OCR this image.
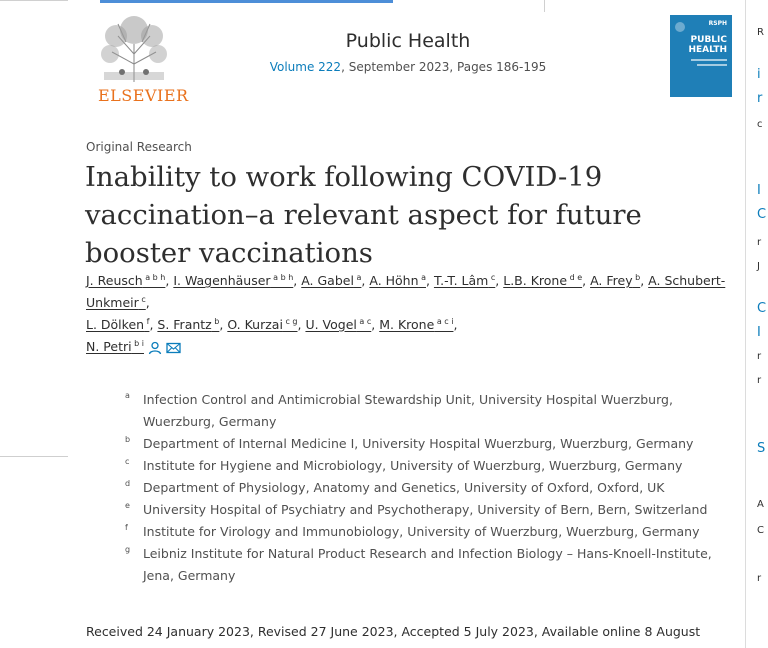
ELSEVIER
Public Health
Volume 222, September 2023, Pages 186-195
RSPH
PUBLIC
HEALTH
Original Research
Inability to work following COVID-19 vaccination–a relevant aspect for future booster vaccinations
J. Reusch $^{a b h}$, I. Wagenhäuser $^{a b h}$, A. Gabel $^a$, A. Höhn $^a$, T.-T. Lâm $^c$, L.B. Krone $^{d e}$, A. Frey $^b$, A. Schubert-Unkmeir $^c$,
L. Dölken $^f$, S. Frantz $^b$, O. Kurzai $^{c g}$, U. Vogel $^{a c}$, M. Krone $^{a c i}$,
N. Petri $^{b i}$
a Infection Control and Antimicrobial Stewardship Unit, University Hospital Wuerzburg, Wuerzburg, Germany
b Department of Internal Medicine I, University Hospital Wuerzburg, Wuerzburg, Germany
c Institute for Hygiene and Microbiology, University of Wuerzburg, Wuerzburg, Germany
d Department of Physiology, Anatomy and Genetics, University of Oxford, Oxford, UK
e University Hospital of Psychiatry and Psychotherapy, University of Bern, Bern, Switzerland
f Institute for Virology and Immunobiology, University of Wuerzburg, Wuerzburg, Germany
g Leibniz Institute for Natural Product Research and Infection Biology – Hans-Knoell-Institute, Jena, Germany
Received 24 January 2023, Revised 27 June 2023, Accepted 5 July 2023, Available online 8 August
R
i
r
c
I
C
r
J
C
I
r
r
S
A
C
r
